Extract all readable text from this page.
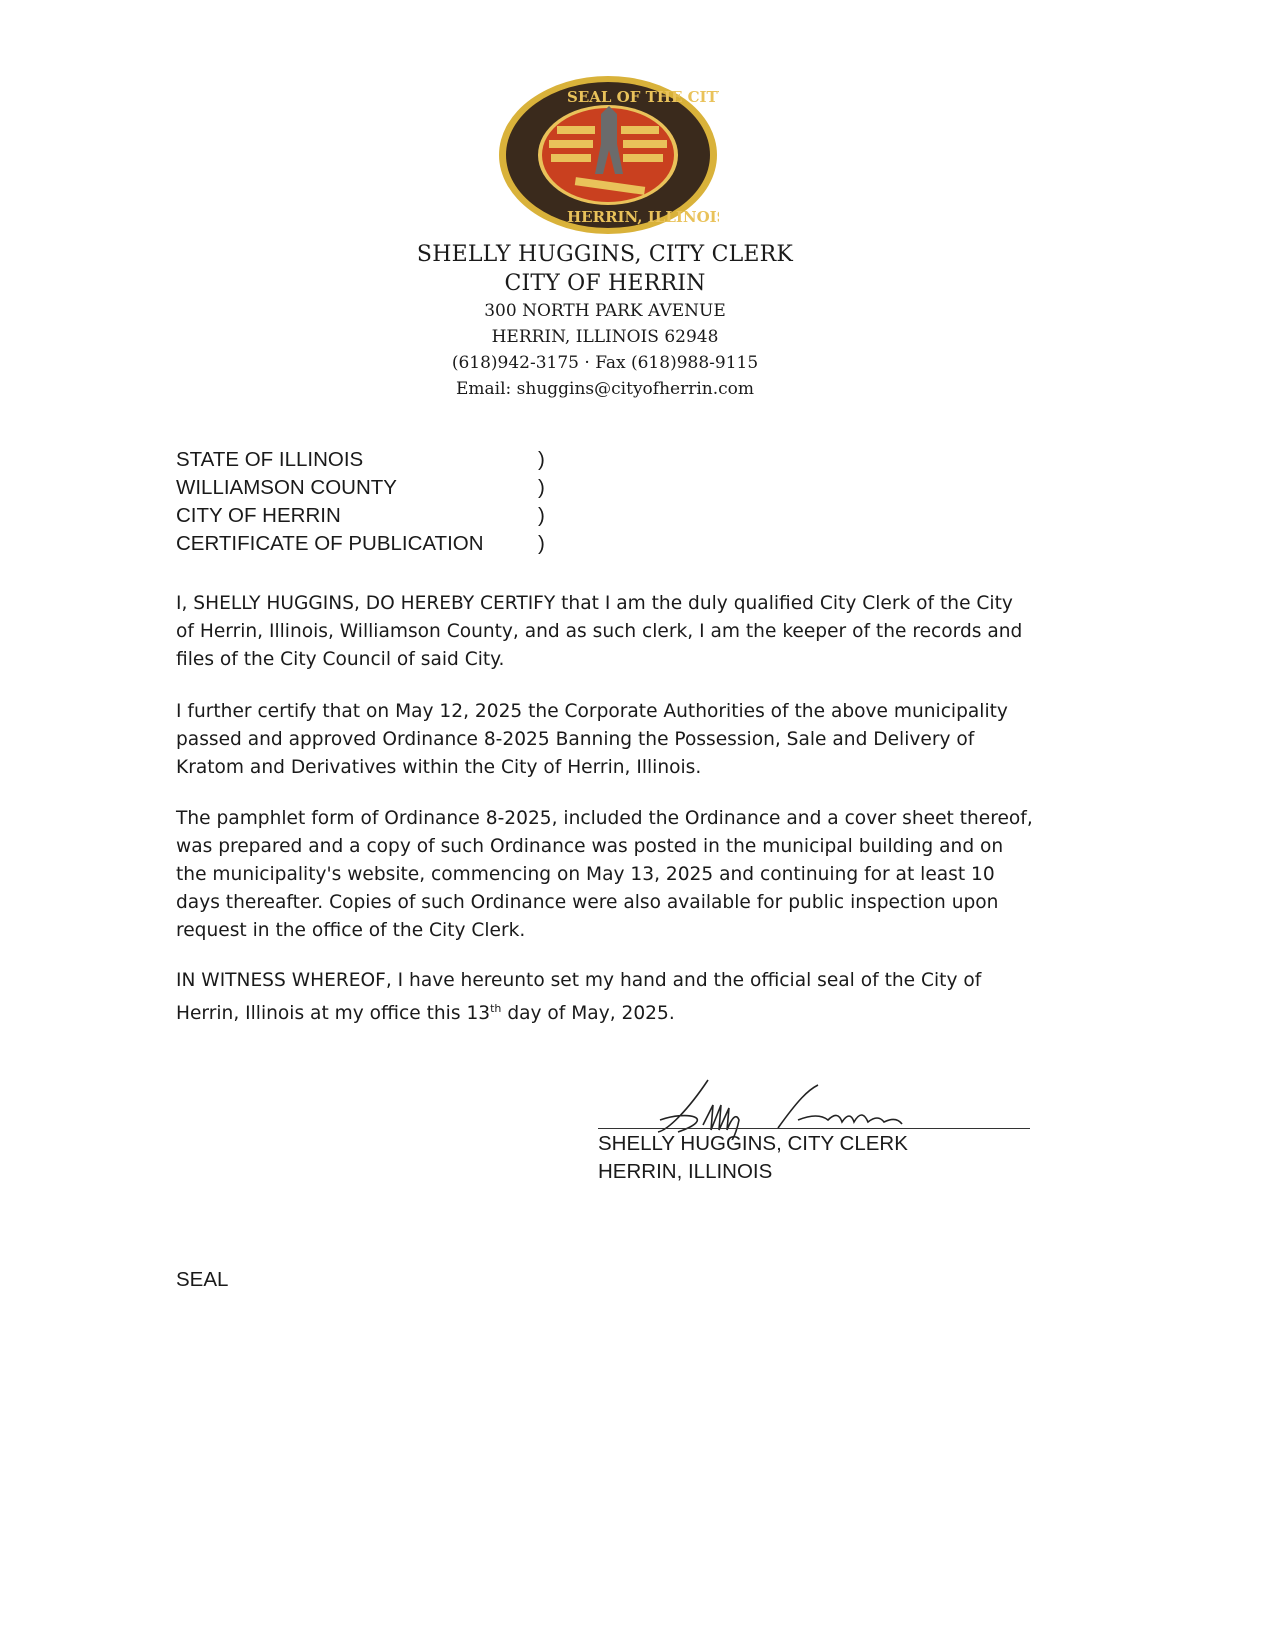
SEAL OF THE CITY
HERRIN, ILLINOIS
SHELLY HUGGINS, CITY CLERK
CITY OF HERRIN
300 NORTH PARK AVENUE
HERRIN, ILLINOIS 62948
(618)942-3175 · Fax (618)988-9115
Email: shuggins@cityofherrin.com
STATE OF ILLINOIS	)
WILLIAMSON COUNTY	)
CITY OF HERRIN	)
CERTIFICATE OF PUBLICATION	)

I, SHELLY HUGGINS, DO HEREBY CERTIFY that I am the duly qualified City Clerk of the City of Herrin, Illinois, Williamson County, and as such clerk, I am the keeper of the records and files of the City Council of said City.

I further certify that on May 12, 2025 the Corporate Authorities of the above municipality passed and approved Ordinance 8-2025 Banning the Possession, Sale and Delivery of Kratom and Derivatives within the City of Herrin, Illinois.

The pamphlet form of Ordinance 8-2025, included the Ordinance and a cover sheet thereof, was prepared and a copy of such Ordinance was posted in the municipal building and on the municipality's website, commencing on May 13, 2025 and continuing for at least 10 days thereafter. Copies of such Ordinance were also available for public inspection upon request in the office of the City Clerk.

IN WITNESS WHEREOF, I have hereunto set my hand and the official seal of the City of Herrin, Illinois at my office this 13th day of May, 2025.

SHELLY HUGGINS, CITY CLERK
HERRIN, ILLINOIS
SEAL
